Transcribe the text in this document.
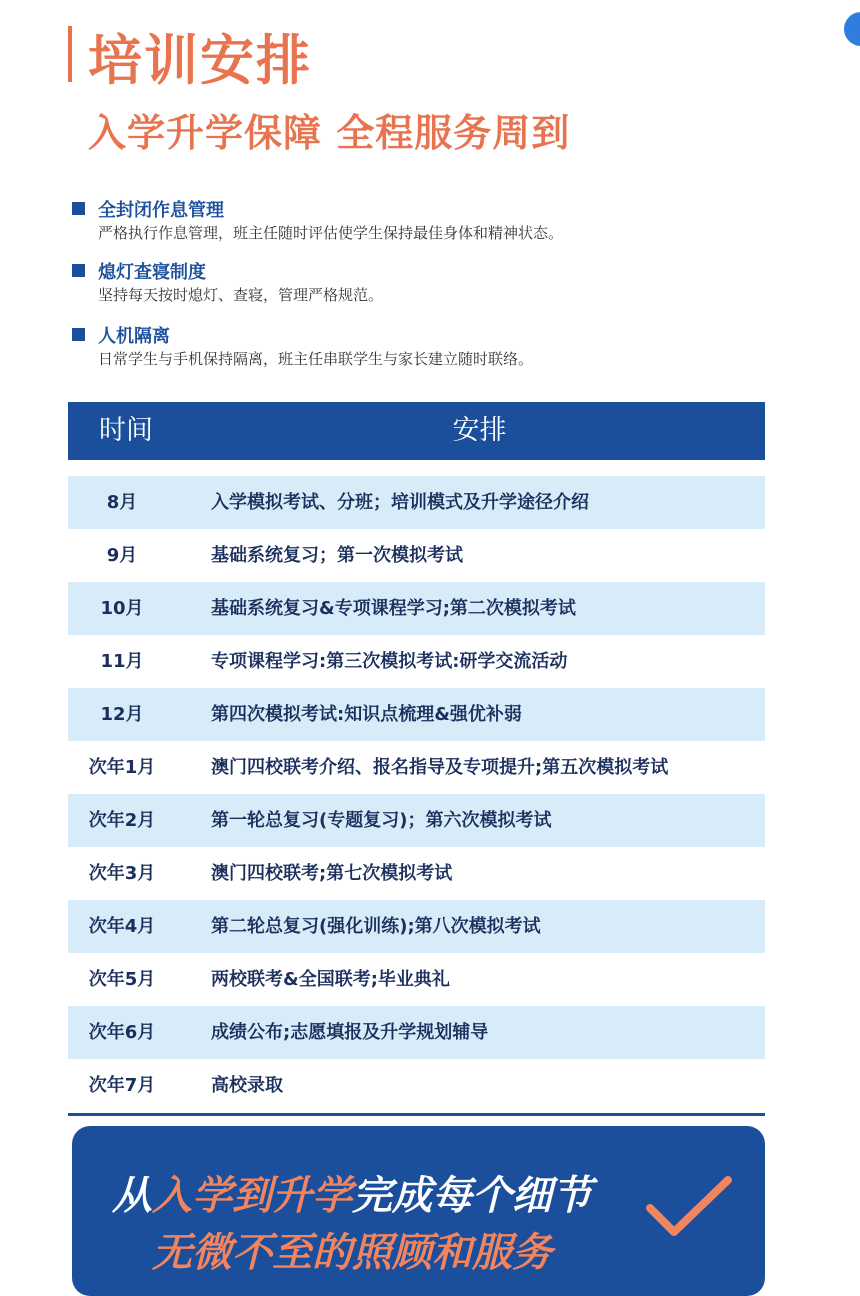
培训安排
入学升学保障 全程服务周到
全封闭作息管理
严格执行作息管理，班主任随时评估使学生保持最佳身体和精神状态。
熄灯查寝制度
坚持每天按时熄灯、查寝，管理严格规范。
人机隔离
日常学生与手机保持隔离，班主任串联学生与家长建立随时联络。
时间	安排
8月	入学模拟考试、分班；培训模式及升学途径介绍
9月	基础系统复习；第一次模拟考试
10月	基础系统复习&专项课程学习;第二次模拟考试
11月	专项课程学习:第三次模拟考试:研学交流活动
12月	第四次模拟考试:知识点梳理&强优补弱
次年1月	澳门四校联考介绍、报名指导及专项提升;第五次模拟考试
次年2月	第一轮总复习(专题复习)；第六次模拟考试
次年3月	澳门四校联考;第七次模拟考试
次年4月	第二轮总复习(强化训练);第八次模拟考试
次年5月	两校联考&全国联考;毕业典礼
次年6月	成绩公布;志愿填报及升学规划辅导
次年7月	高校录取
从入学到升学完成每个细节
无微不至的照顾和服务
